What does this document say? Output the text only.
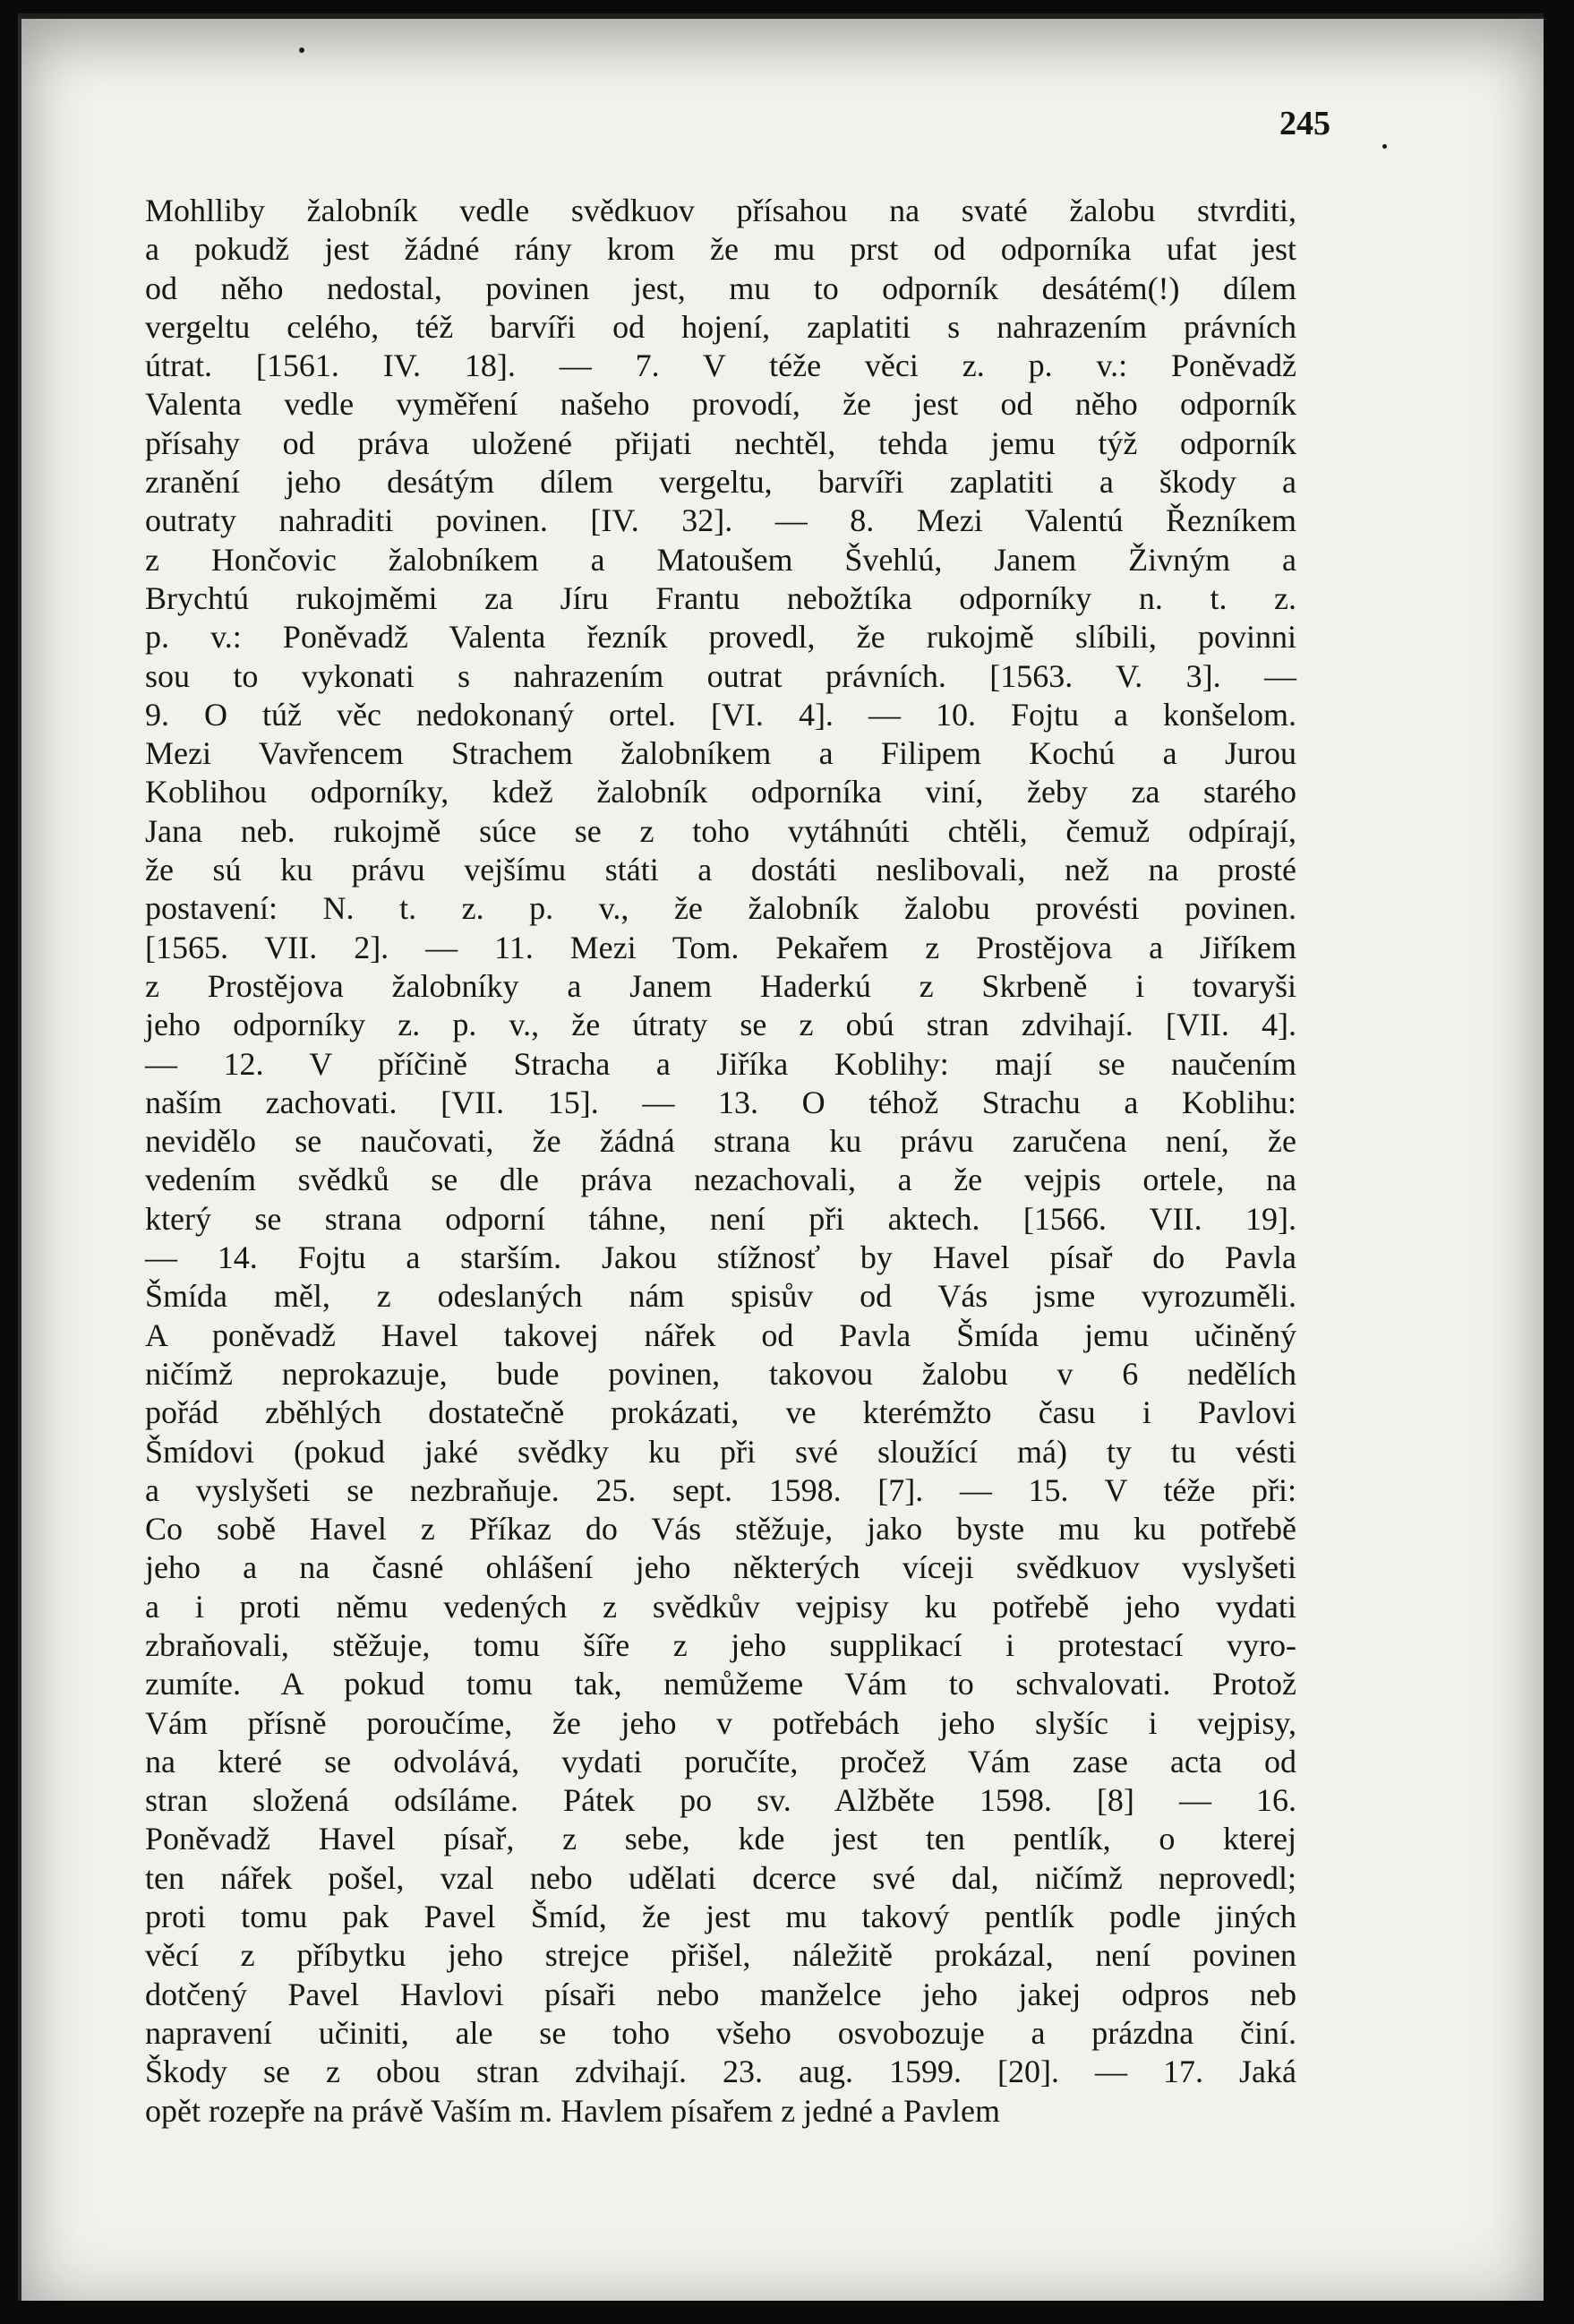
245

Mohlliby žalobník vedle svědkuov přísahou na svaté žalobu stvrditi,
a pokudž jest žádné rány krom že mu prst od odporníka ufat jest
od něho nedostal, povinen jest, mu to odporník desátém(!) dílem
vergeltu celého, též barvíři od hojení, zaplatiti s nahrazením právních
útrat. [1561. IV. 18]. — 7. V téže věci z. p. v.: Poněvadž
Valenta vedle vyměření našeho provodí, že jest od něho odporník
přísahy od práva uložené přijati nechtěl, tehda jemu týž odporník
zranění jeho desátým dílem vergeltu, barvíři zaplatiti a škody a
outraty nahraditi povinen. [IV. 32]. — 8. Mezi Valentú Řezníkem
z Hončovic žalobníkem a Matoušem Švehlú, Janem Živným a
Brychtú rukojměmi za Jíru Frantu nebožtíka odporníky n. t. z.
p. v.: Poněvadž Valenta řezník provedl, že rukojmě slíbili, povinni
sou to vykonati s nahrazením outrat právních. [1563. V. 3]. —
9. O túž věc nedokonaný ortel. [VI. 4]. — 10. Fojtu a konšelom.
Mezi Vavřencem Strachem žalobníkem a Filipem Kochú a Jurou
Koblihou odporníky, kdež žalobník odporníka viní, žeby za starého
Jana neb. rukojmě súce se z toho vytáhnúti chtěli, čemuž odpírají,
že sú ku právu vejšímu státi a dostáti neslibovali, než na prosté
postavení: N. t. z. p. v., že žalobník žalobu provésti povinen.
[1565. VII. 2]. — 11. Mezi Tom. Pekařem z Prostějova a Jiříkem
z Prostějova žalobníky a Janem Haderkú z Skrbeně i tovaryši
jeho odporníky z. p. v., že útraty se z obú stran zdvihají. [VII. 4].
— 12. V příčině Stracha a Jiříka Koblihy: mají se naučením
naším zachovati. [VII. 15]. — 13. O téhož Strachu a Koblihu:
nevidělo se naučovati, že žádná strana ku právu zaručena není, že
vedením svědků se dle práva nezachovali, a že vejpis ortele, na
který se strana odporní táhne, není při aktech. [1566. VII. 19].
— 14. Fojtu a starším. Jakou stížnosť by Havel písař do Pavla
Šmída měl, z odeslaných nám spisův od Vás jsme vyrozuměli.
A poněvadž Havel takovej nářek od Pavla Šmída jemu učiněný
ničímž neprokazuje, bude povinen, takovou žalobu v 6 nedělích
pořád zběhlých dostatečně prokázati, ve kterémžto času i Pavlovi
Šmídovi (pokud jaké svědky ku při své sloužící má) ty tu vésti
a vyslyšeti se nezbraňuje. 25. sept. 1598. [7]. — 15. V téže při:
Co sobě Havel z Příkaz do Vás stěžuje, jako byste mu ku potřebě
jeho a na časné ohlášení jeho některých víceji svědkuov vyslyšeti
a i proti němu vedených z svědkův vejpisy ku potřebě jeho vydati
zbraňovali, stěžuje, tomu šíře z jeho supplikací i protestací vyro-
zumíte. A pokud tomu tak, nemůžeme Vám to schvalovati. Protož
Vám přísně poroučíme, že jeho v potřebách jeho slyšíc i vejpisy,
na které se odvolává, vydati poručíte, pročež Vám zase acta od
stran složená odsíláme. Pátek po sv. Alžběte 1598. [8] — 16.
Poněvadž Havel písař, z sebe, kde jest ten pentlík, o kterej
ten nářek pošel, vzal nebo udělati dcerce své dal, ničímž neprovedl;
proti tomu pak Pavel Šmíd, že jest mu takový pentlík podle jiných
věcí z příbytku jeho strejce přišel, náležitě prokázal, není povinen
dotčený Pavel Havlovi písaři nebo manželce jeho jakej odpros neb
napravení učiniti, ale se toho všeho osvobozuje a prázdna činí.
Škody se z obou stran zdvihají. 23. aug. 1599. [20]. — 17. Jaká
opět rozepře na právě Vaším m. Havlem písařem z jedné a Pavlem
